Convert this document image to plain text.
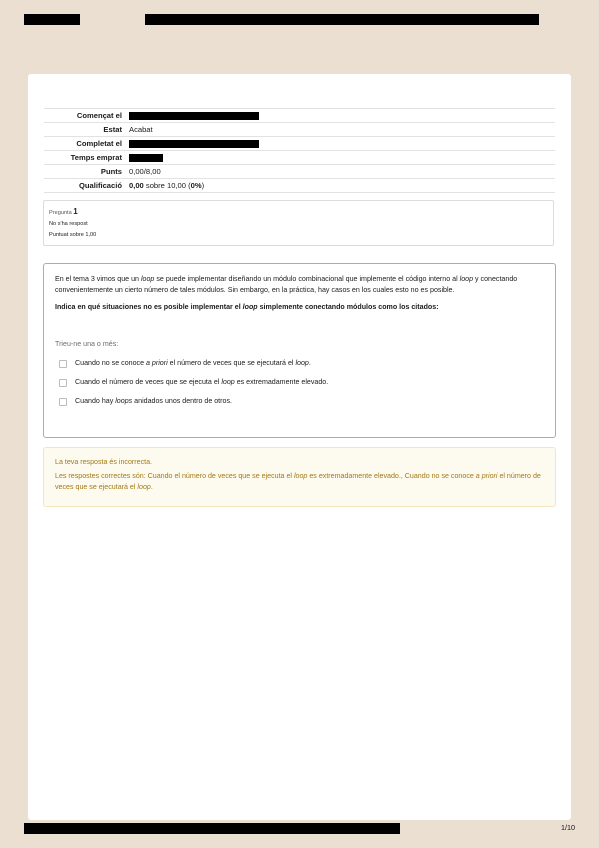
Començat el	
Estat	Acabat
Completat el	
Temps emprat	
Punts	0,00/8,00
Qualificació	0,00 sobre 10,00 (0%)
Pregunta 1
No s'ha respost
Puntuat sobre 1,00

En el tema 3 vimos que un loop se puede implementar diseñando un módulo combinacional que implemente el código interno al loop y conectando convenientemente un cierto número de tales módulos. Sin embargo, en la práctica, hay casos en los cuales esto no es posible.

Indica en qué situaciones no es posible implementar el loop simplemente conectando módulos como los citados:

Trieu-ne una o més:

Cuando no se conoce a priori el número de veces que se ejecutará el loop.
Cuando el número de veces que se ejecuta el loop es extremadamente elevado.
Cuando hay loops anidados unos dentro de otros.

La teva resposta és incorrecta.

Les respostes correctes són: Cuando el número de veces que se ejecuta el loop es extremadamente elevado., Cuando no se conoce a priori el número de veces que se ejecutará el loop.

1/10
